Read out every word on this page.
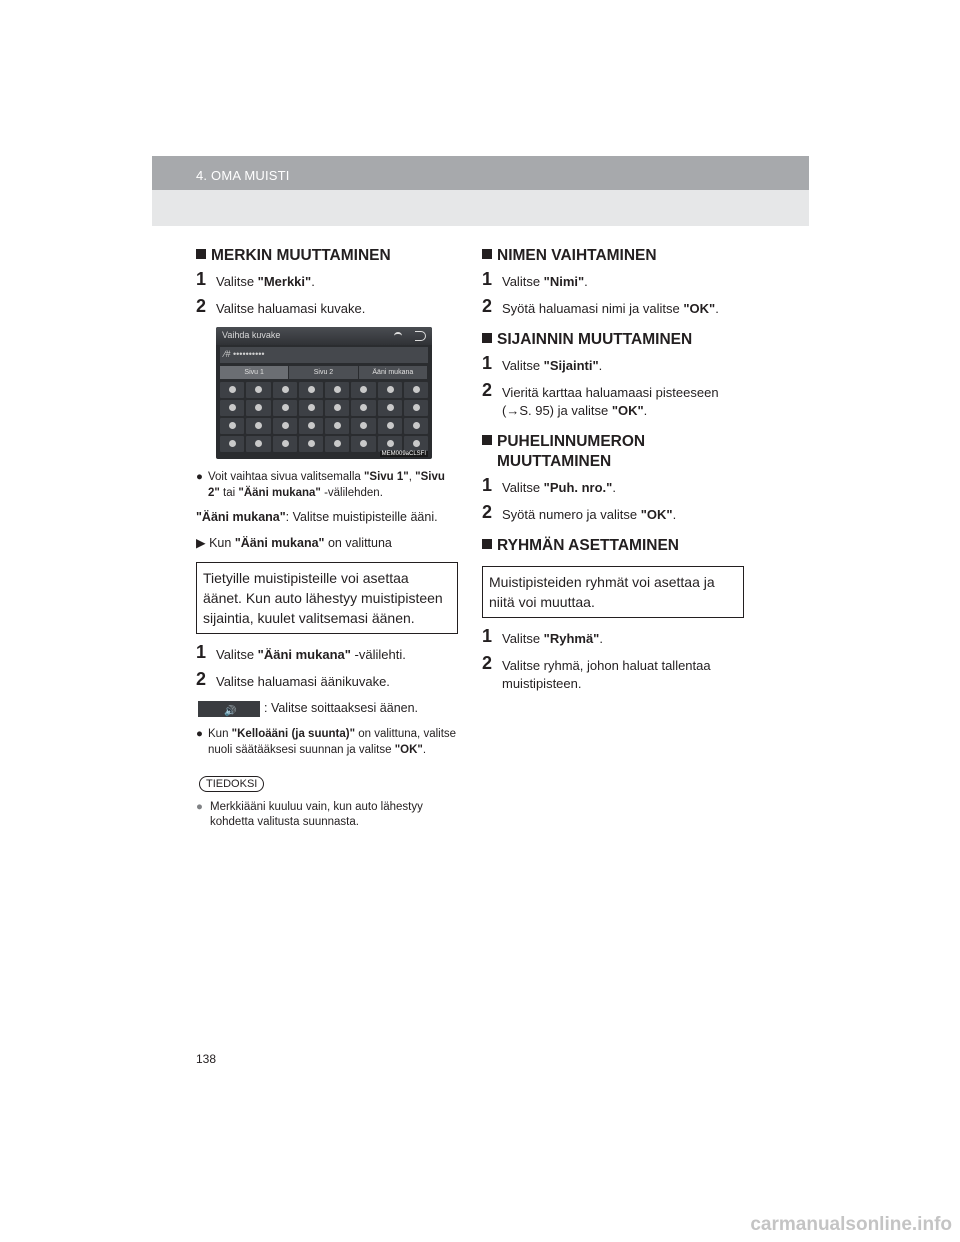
4. OMA MUISTI
MERKIN MUUTTAMINEN
1 Valitse "Merkki".
2 Valitse haluamasi kuvake.
Vaihda kuvake
⁄# ••••••••••
Sivu 1	Sivu 2	Ääni mukana
MEM009aCLSFI
● Voit vaihtaa sivua valitsemalla "Sivu 1", "Sivu 2" tai "Ääni mukana" -välilehden.
"Ääni mukana": Valitse muistipisteille ääni.
▶ Kun "Ääni mukana" on valittuna
Tietyille muistipisteille voi asettaa äänet. Kun auto lähestyy muistipisteen sijaintia, kuulet valitsemasi äänen.
1 Valitse "Ääni mukana" -välilehti.
2 Valitse haluamasi äänikuvake.
🔊 : Valitse soittaaksesi äänen.
● Kun "Kelloääni (ja suunta)" on valittuna, valitse nuoli säätääksesi suunnan ja valitse "OK".
TIEDOKSI
● Merkkiääni kuuluu vain, kun auto lähestyy kohdetta valitusta suunnasta.
NIMEN VAIHTAMINEN
1 Valitse "Nimi".
2 Syötä haluamasi nimi ja valitse "OK".
SIJAINNIN MUUTTAMINEN
1 Valitse "Sijainti".
2 Vieritä karttaa haluamaasi pisteeseen (→S. 95) ja valitse "OK".
PUHELINNUMERON
MUUTTAMINEN
1 Valitse "Puh. nro.".
2 Syötä numero ja valitse "OK".
RYHMÄN ASETTAMINEN
Muistipisteiden ryhmät voi asettaa ja niitä voi muuttaa.
1 Valitse "Ryhmä".
2 Valitse ryhmä, johon haluat tallentaa muistipisteen.
138
carmanualsonline.info
